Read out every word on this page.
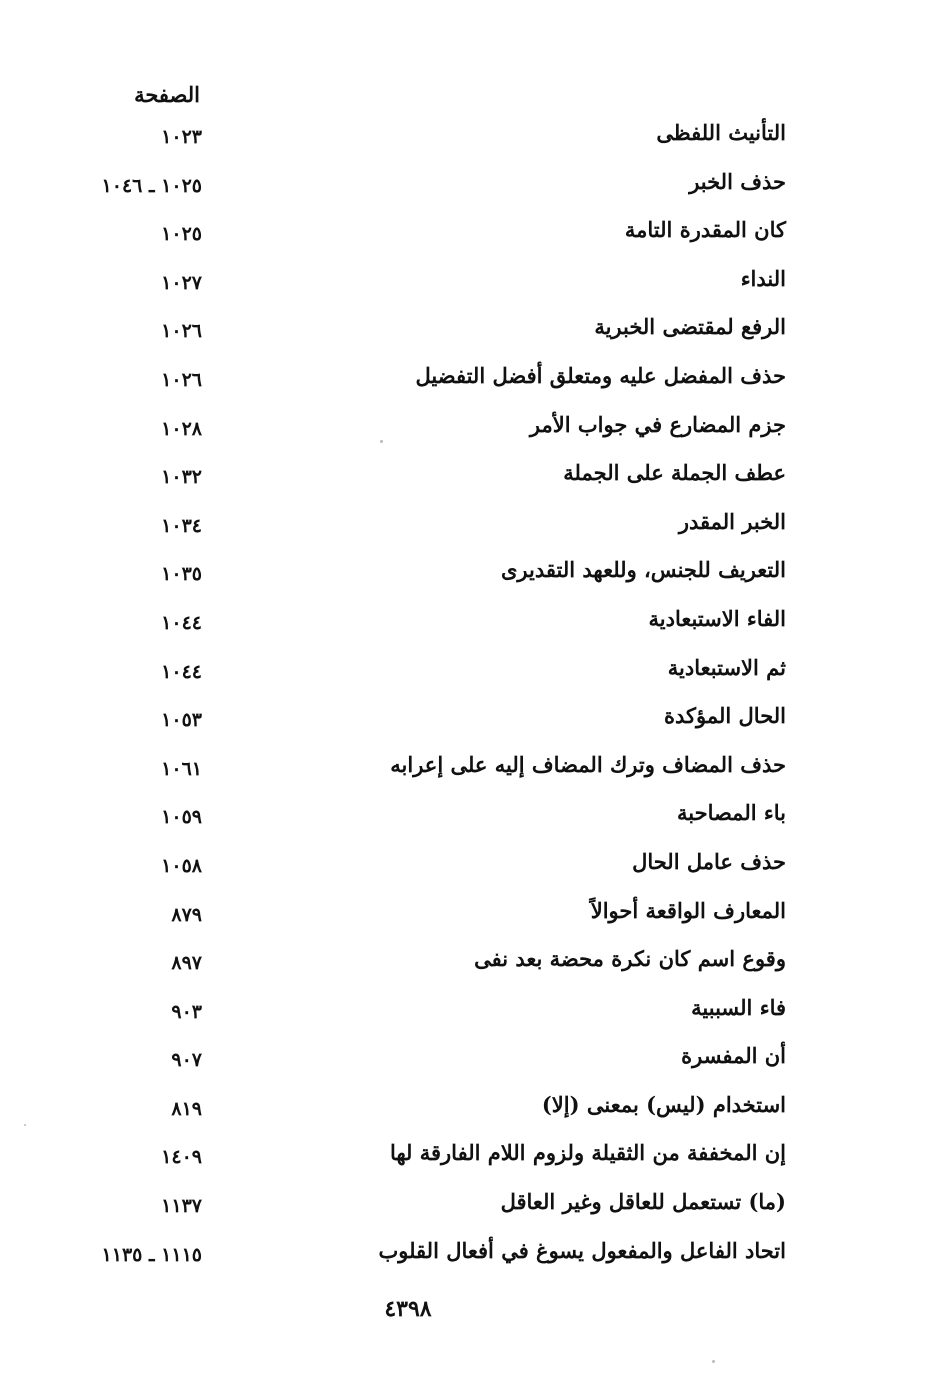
الصفحة
التأنيث اللفظى
١٠٢٣
حذف الخبر
١٠٢٥ ـ ١٠٤٦
كان المقدرة التامة
١٠٢٥
النداء
١٠٢٧
الرفع لمقتضى الخبرية
١٠٢٦
حذف المفضل عليه ومتعلق أفضل التفضيل
١٠٢٦
جزم المضارع في جواب الأمر
١٠٢٨
عطف الجملة على الجملة
١٠٣٢
الخبر المقدر
١٠٣٤
التعريف للجنس، وللعهد التقديرى
١٠٣٥
الفاء الاستبعادية
١٠٤٤
ثم الاستبعادية
١٠٤٤
الحال المؤكدة
١٠٥٣
حذف المضاف وترك المضاف إليه على إعرابه
١٠٦١
باء المصاحبة
١٠٥٩
حذف عامل الحال
١٠٥٨
المعارف الواقعة أحوالاً
٨٧٩
وقوع اسم كان نكرة محضة بعد نفى
٨٩٧
فاء السببية
٩٠٣
أن المفسرة
٩٠٧
استخدام (ليس) بمعنى (إلا)
٨١٩
إن المخففة من الثقيلة ولزوم اللام الفارقة لها
١٤٠٩
(ما) تستعمل للعاقل وغير العاقل
١١٣٧
اتحاد الفاعل والمفعول يسوغ في أفعال القلوب
١١١٥ ـ ١١٣٥
٤٣٩٨
